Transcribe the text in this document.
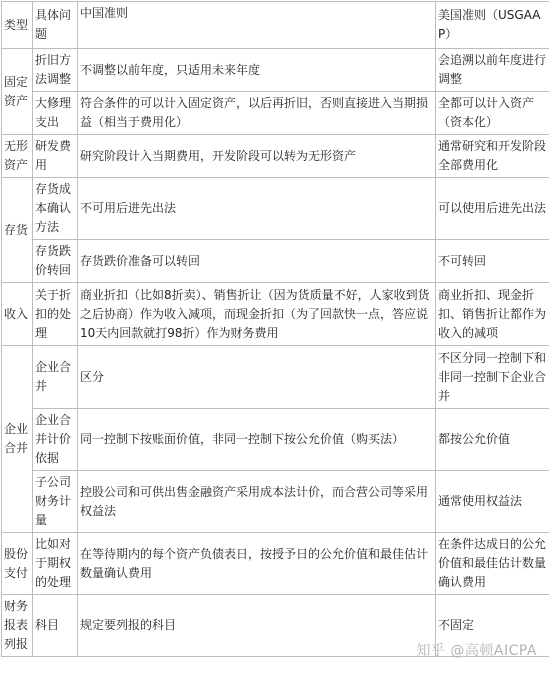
类型	具体问题	中国准则	美国准则（USGAAP）
固定资产	折旧方法调整	不调整以前年度，只适用未来年度	会追溯以前年度进行调整
	大修理支出	符合条件的可以计入固定资产，以后再折旧，否则直接进入当期损益（相当于费用化）	全都可以计入资产（资本化）
无形资产	研发费用	研究阶段计入当期费用，开发阶段可以转为无形资产	通常研究和开发阶段全部费用化
存货	存货成本确认方法	不可用后进先出法	可以使用后进先出法
	存货跌价转回	存货跌价准备可以转回	不可转回
收入	关于折扣的处理	商业折扣（比如8折卖）、销售折让（因为货质量不好，人家收到货之后协商）作为收入减项，而现金折扣（为了回款快一点，答应说10天内回款就打98折）作为财务费用	商业折扣、现金折扣、销售折让都作为收入的减项
企业合并	企业合并	区分	不区分同一控制下和非同一控制下企业合并
	企业合并计价依据	同一控制下按账面价值，非同一控制下按公允价值（购买法）	都按公允价值
	子公司财务计量	控股公司和可供出售金融资产采用成本法计价，而合营公司等采用权益法	通常使用权益法
股份支付	比如对于期权的处理	在等待期内的每个资产负债表日，按授予日的公允价值和最佳估计数量确认费用	在条件达成日的公允价值和最佳估计数量确认费用
财务报表列报	科目	规定要列报的科目	不固定
知乎 @高顿AICPA
